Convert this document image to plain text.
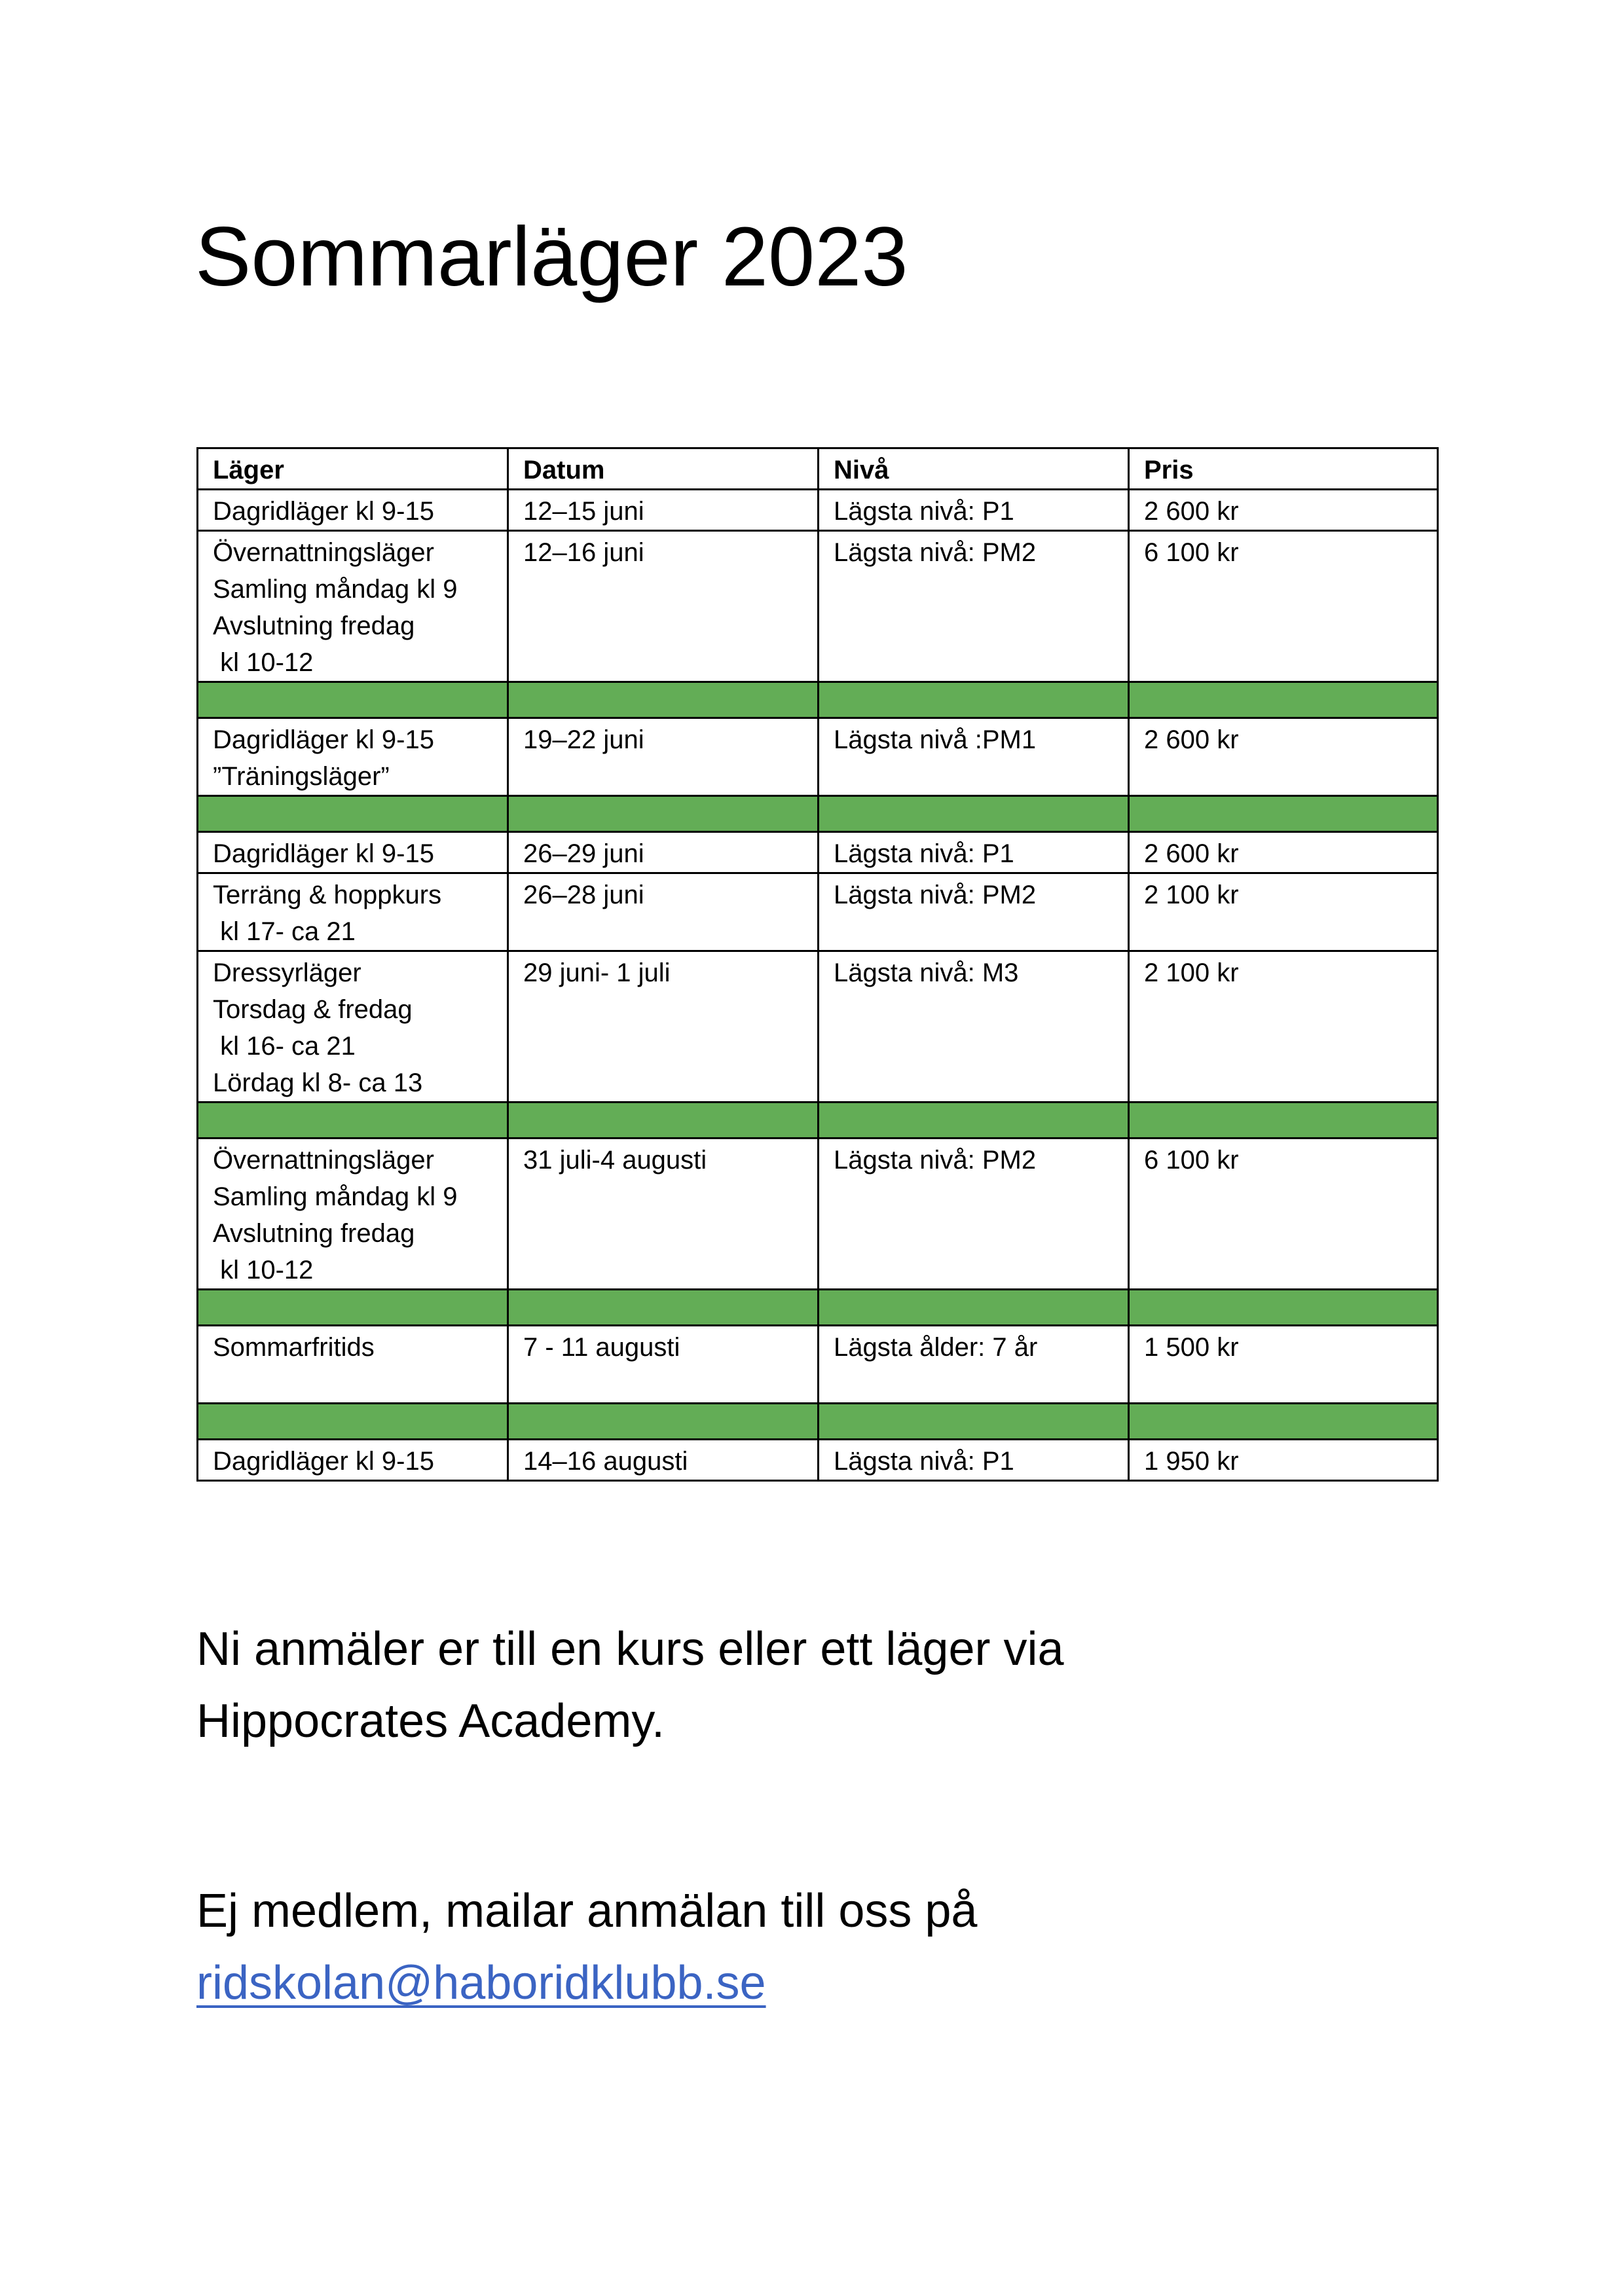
Sommarläger 2023
Läger	Datum	Nivå	Pris

Dagridläger kl 9-15	12–15 juni	Lägsta nivå: P1	2 600 kr

Övernattningsläger
Samling måndag kl 9
Avslutning fredag
kl 10-12	12–16 juni	Lägsta nivå: PM2	6 100 kr

Dagridläger kl 9-15
”Träningsläger”	19–22 juni	Lägsta nivå :PM1	2 600 kr

Dagridläger kl 9-15	26–29 juni	Lägsta nivå: P1	2 600 kr

Terräng & hoppkurs
kl 17- ca 21	26–28 juni	Lägsta nivå: PM2	2 100 kr

Dressyrläger
Torsdag & fredag
kl 16- ca 21
Lördag kl 8- ca 13	29 juni- 1 juli	Lägsta nivå: M3	2 100 kr

Övernattningsläger
Samling måndag kl 9
Avslutning fredag
kl 10-12	31 juli-4 augusti	Lägsta nivå: PM2	6 100 kr

Sommarfritids	7 - 11 augusti	Lägsta ålder: 7 år	1 500 kr

Dagridläger kl 9-15	14–16 augusti	Lägsta nivå: P1	1 950 kr

Ni anmäler er till en kurs eller ett läger via
Hippocrates Academy.

Ej medlem, mailar anmälan till oss på
ridskolan@haboridklubb.se
